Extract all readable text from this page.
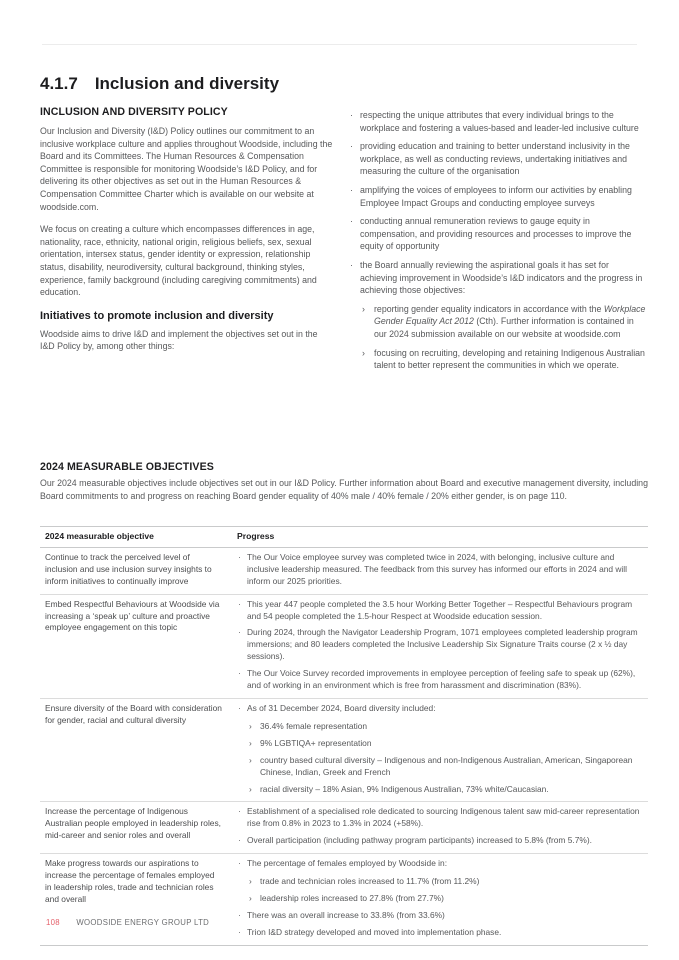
4.1.7 Inclusion and diversity
INCLUSION AND DIVERSITY POLICY

Our Inclusion and Diversity (I&D) Policy outlines our commitment to an inclusive workplace culture and applies throughout Woodside, including the Board and its Committees. The Human Resources & Compensation Committee is responsible for monitoring Woodside’s I&D Policy, and for delivering its other objectives as set out in the Human Resources & Compensation Committee Charter which is available on our website at woodside.com.

We focus on creating a culture which encompasses differences in age, nationality, race, ethnicity, national origin, religious beliefs, sex, sexual orientation, intersex status, gender identity or expression, relationship status, disability, neurodiversity, cultural background, thinking styles, experience, family background (including caregiving commitments) and education.

Initiatives to promote inclusion and diversity

Woodside aims to drive I&D and implement the objectives set out in the I&D Policy by, among other things:

· respecting the unique attributes that every individual brings to the workplace and fostering a values-based and leader-led inclusive culture
· providing education and training to better understand inclusivity in the workplace, as well as conducting reviews, undertaking initiatives and measuring the culture of the organisation
· amplifying the voices of employees to inform our activities by enabling Employee Impact Groups and conducting employee surveys
· conducting annual remuneration reviews to gauge equity in compensation, and providing resources and processes to improve the equity of opportunity
· the Board annually reviewing the aspirational goals it has set for achieving improvement in Woodside’s I&D indicators and the progress in achieving those objectives:
› reporting gender equality indicators in accordance with the Workplace Gender Equality Act 2012 (Cth). Further information is contained in our 2024 submission available on our website at woodside.com
› focusing on recruiting, developing and retaining Indigenous Australian talent to better represent the communities in which we operate.
2024 MEASURABLE OBJECTIVES

Our 2024 measurable objectives include objectives set out in our I&D Policy. Further information about Board and executive management diversity, including Board commitments to and progress on reaching Board gender equality of 40% male / 40% female / 20% either gender, is on page 110.

2024 measurable objective	Progress
Continue to track the perceived level of inclusion and use inclusion survey insights to inform initiatives to continually improve
· The Our Voice employee survey was completed twice in 2024, with belonging, inclusive culture and inclusive leadership measured. The feedback from this survey has informed our efforts in 2024 and will inform our 2025 priorities.
Embed Respectful Behaviours at Woodside via increasing a ‘speak up’ culture and proactive employee engagement on this topic
· This year 447 people completed the 3.5 hour Working Better Together – Respectful Behaviours program and 54 people completed the 1.5-hour Respect at Woodside education session.
· During 2024, through the Navigator Leadership Program, 1071 employees completed leadership program immersions; and 80 leaders completed the Inclusive Leadership Six Signature Traits course (2 x ½ day sessions).
· The Our Voice Survey recorded improvements in employee perception of feeling safe to speak up (62%), and of working in an environment which is free from harassment and discrimination (83%).
Ensure diversity of the Board with consideration for gender, racial and cultural diversity
· As of 31 December 2024, Board diversity included:
› 36.4% female representation
› 9% LGBTIQA+ representation
› country based cultural diversity – Indigenous and non-Indigenous Australian, American, Singaporean Chinese, Indian, Greek and French
› racial diversity – 18% Asian, 9% Indigenous Australian, 73% white/Caucasian.
Increase the percentage of Indigenous Australian people employed in leadership roles, mid-career and senior roles and overall
· Establishment of a specialised role dedicated to sourcing Indigenous talent saw mid-career representation rise from 0.8% in 2023 to 1.3% in 2024 (+58%).
· Overall participation (including pathway program participants) increased to 5.8% (from 5.7%).
Make progress towards our aspirations to increase the percentage of females employed in leadership roles, trade and technician roles and overall
· The percentage of females employed by Woodside in:
› trade and technician roles increased to 11.7% (from 11.2%)
› leadership roles increased to 27.8% (from 27.7%)
· There was an overall increase to 33.8% (from 33.6%)
· Trion I&D strategy developed and moved into implementation phase.
108 WOODSIDE ENERGY GROUP LTD
